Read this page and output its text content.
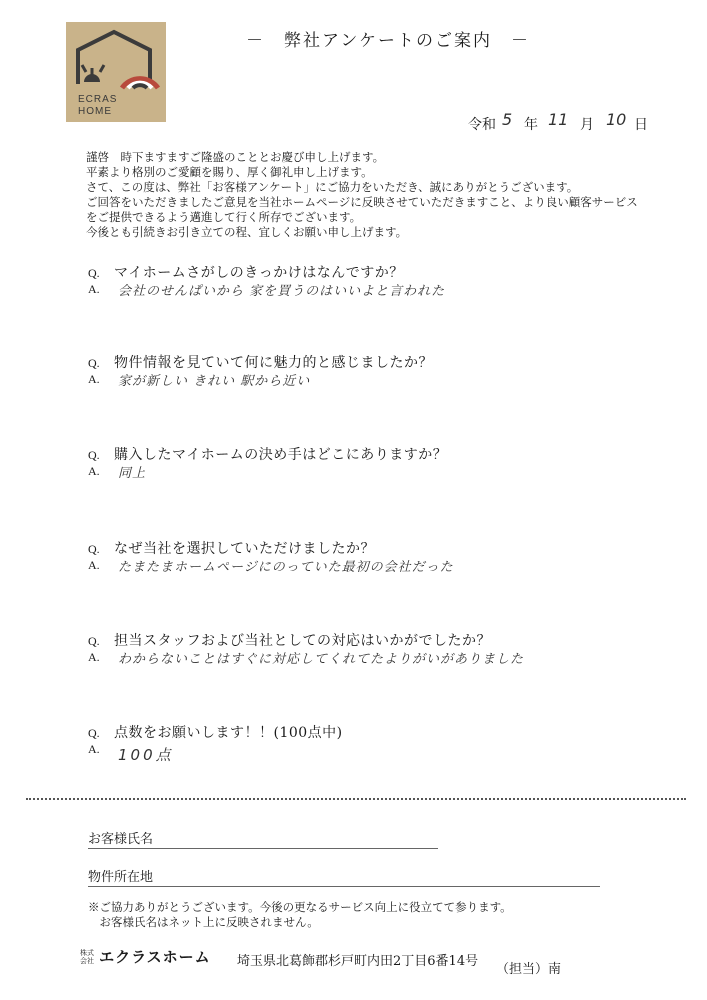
ECRAS
HOME
－　弊社アンケートのご案内　－
令和 5 年 11 月 10 日
謹啓　時下ますますご隆盛のこととお慶び申し上げます。
平素より格別のご愛顧を賜り、厚く御礼申し上げます。
さて、この度は、弊社「お客様アンケート」にご協力をいただき、誠にありがとうございます。
ご回答をいただきましたご意見を当社ホームページに反映させていただきますこと、より良い顧客サービス
をご提供できるよう邁進して行く所存でございます。
今後とも引続きお引き立ての程、宜しくお願い申し上げます。
Q. マイホームさがしのきっかけはなんですか？
A.	会社のせんぱいから 家を買うのはいいよと言われた
Q. 物件情報を見ていて何に魅力的と感じましたか？
A.	家が新しい きれい 駅から近い
Q. 購入したマイホームの決め手はどこにありますか？
A.	同上
Q. なぜ当社を選択していただけましたか？
A.	たまたまホームページにのっていた最初の会社だった
Q. 担当スタッフおよび当社としての対応はいかがでしたか？
A.	わからないことはすぐに対応してくれてたよりがいがありました
Q. 点数をお願いします！！(100点中)
A.	100点
お客様氏名
物件所在地
※ご協力ありがとうございます。今後の更なるサービス向上に役立てて参ります。
　お客様氏名はネット上に反映されません。
株式
会社 エクラスホーム 埼玉県北葛飾郡杉戸町内田2丁目6番14号
（担当）南
